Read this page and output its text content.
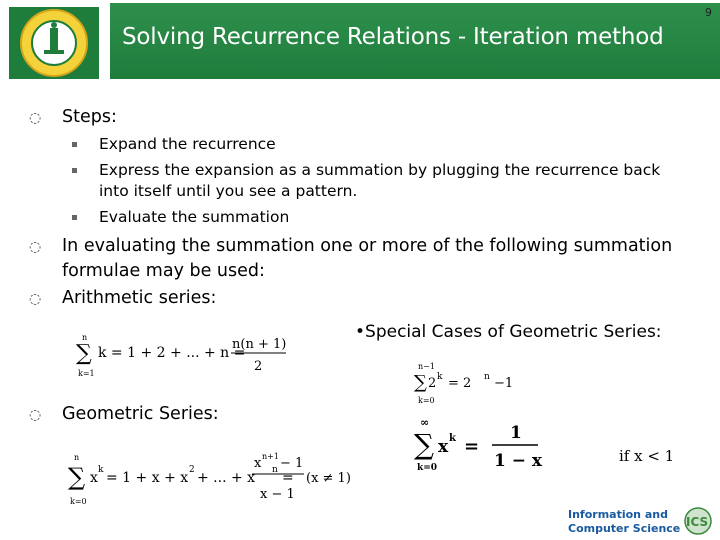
Solving Recurrence Relations - Iteration method
9
◌ Steps:
Expand the recurrence
Express the expansion as a summation by plugging the recurrence back
into itself until you see a pattern.
Evaluate the summation
◌ In evaluating the summation one or more of the following summation
formulae may be used:
◌ Arithmetic series:
◌ Geometric Series:
•Special Cases of Geometric Series:
n
∑
k=1
k = 1 + 2 + ... + n =
n(n + 1)
2	n−1
∑
k=0
2 k = 2 n −1
∞
∑
k=0
x k =
1
1 − x	if x < 1
n
∑
k=0
x k = 1 + x + x 2 + ... + x n =
x n+1 − 1
x − 1
(x ≠ 1)
Information and
Computer Science ICS
